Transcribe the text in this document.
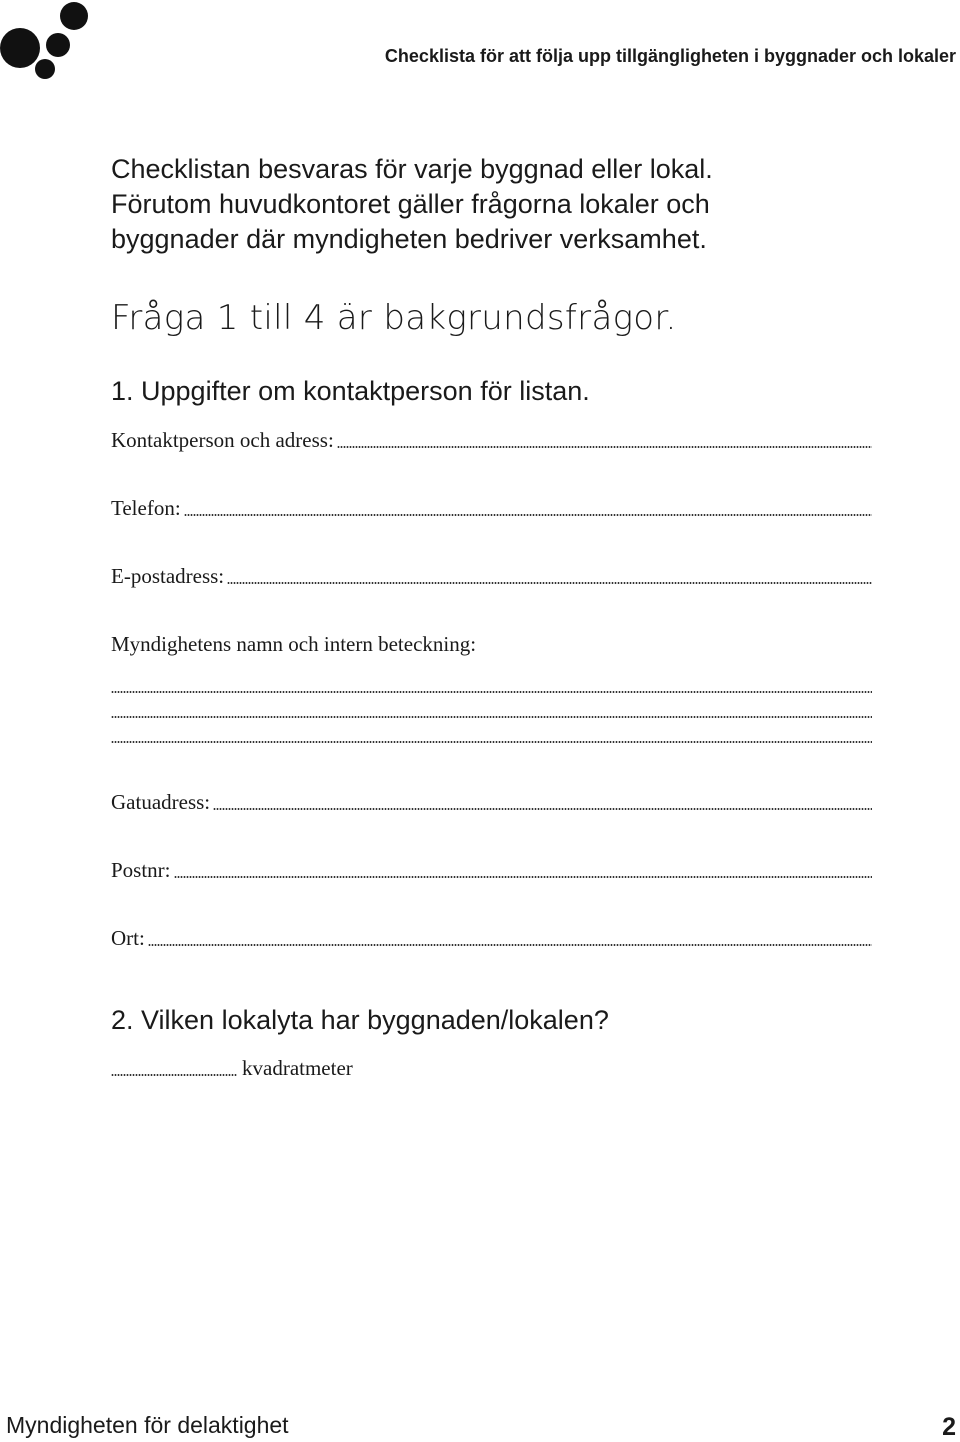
Checklista för att följa upp tillgängligheten i byggnader och lokaler
Checklistan besvaras för varje byggnad eller lokal.
Förutom huvudkontoret gäller frågorna lokaler och
byggnader där myndigheten bedriver verksamhet.
Fråga 1 till 4 är bakgrundsfrågor.
1. Uppgifter om kontaktperson för listan.
Kontaktperson och adress:
Telefon:
E-postadress:
Myndighetens namn och intern beteckning:
Gatuadress:
Postnr:
Ort:
2. Vilken lokalyta har byggnaden/lokalen?
kvadratmeter
Myndigheten för delaktighet	2
